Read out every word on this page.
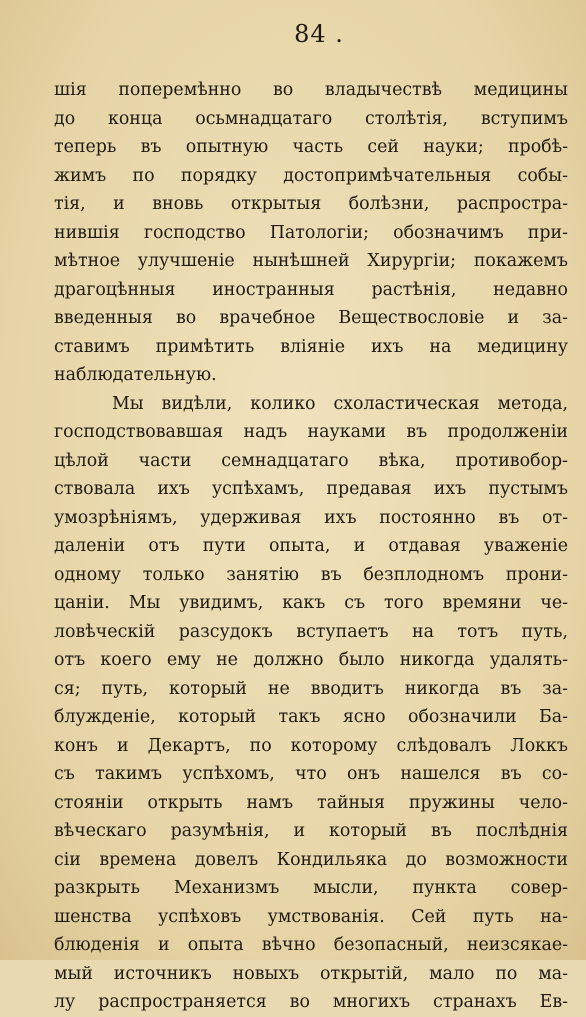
84 .
шія поперемѣнно во владычествѣ медицины
до конца осьмнадцатаго столѣтія, вступимъ
теперь въ опытную часть сей науки; пробѣ-
жимъ по порядку достопримѣчательныя собы-
тія, и вновь открытыя болѣзни, распростра-
нившія господство Патологіи; обозначимъ при-
мѣтное улучшеніе нынѣшней Хирургіи; покажемъ
драгоцѣнныя иностранныя растѣнія, недавно
введенныя во врачебное Веществословіе и за-
ставимъ примѣтить вліяніе ихъ на медицину
наблюдательную.
Мы видѣли, колико схоластическая метода,
господствовавшая надъ науками въ продолженіи
цѣлой части семнадцатаго вѣка, противобор-
ствовала ихъ успѣхамъ, предавая ихъ пустымъ
умозрѣніямъ, удерживая ихъ постоянно въ от-
даленіи отъ пути опыта, и отдавая уваженіе
одному только занятію въ безплодномъ прони-
цаніи. Мы увидимъ, какъ съ того времяни че-
ловѣческій разсудокъ вступаетъ на тотъ путь,
отъ коего ему не должно было никогда удалять-
ся; путь, который не вводитъ никогда въ за-
блужденіе, который такъ ясно обозначили Ба-
конъ и Декартъ, по которому слѣдовалъ Локкъ
съ такимъ успѣхомъ, что онъ нашелся въ со-
стояніи открыть намъ тайныя пружины чело-
вѣческаго разумѣнія, и который въ послѣднія
сіи времена довелъ Кондильяка до возможности
разкрыть Механизмъ мысли, пункта совер-
шенства успѣховъ умствованія. Сей путь на-
блюденія и опыта вѣчно безопасный, неизсякае-
мый источникъ новыхъ открытій, мало по ма-
лу распространяется во многихъ странахъ Ев-
